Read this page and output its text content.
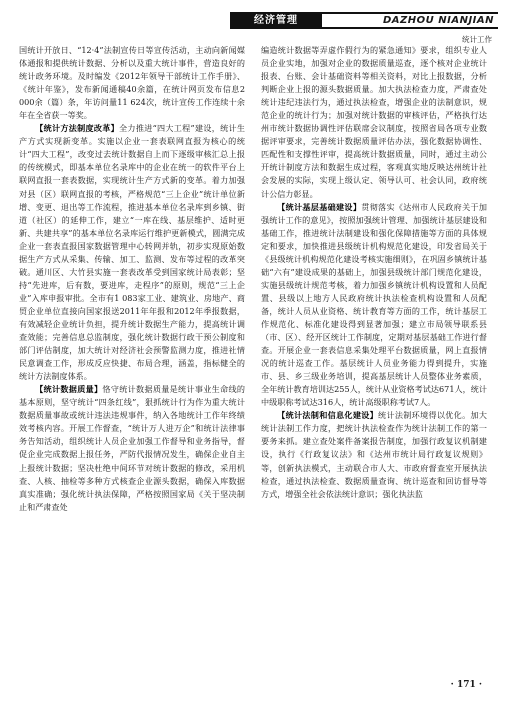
经济管理	DAZHOU NIANJIAN
统计工作

国统计开放日、“12·4”法制宣传日等宣传活动，主动向新闻媒体通报和提供统计数据、分析以及重大统计事件，营造良好的统计政务环境。及时编发《2012年领导干部统计工作手册》、《统计年鉴》，发布新闻通稿40余篇，在统计网页发布信息2 000余（篇）条，年访问量11 624次，统计宣传工作连续十余年在全省获一等奖。

【统计方法制度改革】全力推进“四大工程”建设，统计生产方式实现新变革。实施以企业一套表联网直报为核心的统计“四大工程”，改变过去统计数据自上而下逐级审核汇总上报的传统模式，即基本单位名录库中的企业在统一的软件平台上联网直报一套表数据，实现统计生产方式新的变革。着力加强对县（区）联网直报的考核，严格规范“三上企业”统计单位新增、变更、退出等工作流程，推进基本单位名录库到乡镇、街道（社区）的延伸工作，建立“一库在线、基层维护、适时更新、共建共享”的基本单位名录库运行维护更新模式，圆满完成企业一套表直报国家数据管理中心转网并轨，初步实现原始数据生产方式从采集、传输、加工、监测、发布等过程的改革突破。通川区、大竹县实施一套表改革受到国家统计局表彰；坚持“先进库，后有数，要进库，走程序”的原则，规范“三上企业”入库申报审批。全市有1 083家工业、建筑业、房地产、商贸企业单位直接向国家报送2011年年报和2012年季报数据，有效减轻企业统计负担，提升统计数据生产能力，提高统计调查效能；完善信息总监制度，强化统计数据行政干预公制度和部门评估制度，加大统计对经济社会预警监测力度，推进社情民意调查工作，形成反应快捷、布局合理，涵盖，指标健全的统计方法制度体系。

【统计数据质量】恪守统计数据质量是统计事业生命线的基本原则，坚守统计“四条红线”，狠抓统计行为作为重大统计数据质量事故或统计违法违规事件，纳入各地统计工作年终绩效考核内容。开展工作督查，“统计万人进万企”和统计法律事务告知活动，组织统计人员企业加强工作督导和业务指导，督促企业完成数据上报任务，严防代报情况发生，确保企业自主上报统计数据；坚决杜绝中间环节对统计数据的修改，采用机查、人核、抽检等多种方式核查企业源头数据，确保入库数据真实准确；强化统计执法保障，严格按照国家局《关于坚决制止和严肃查处

编造统计数据等弄虚作假行为的紧急通知》要求，组织专业人员企业实地，加强对企业的数据质量巡查，逐个核对企业统计报表、台账、会计基础资料等相关资料，对比上报数据，分析判断企业上报的源头数据质量。加大执法检查力度，严肃查处统计违纪违法行为，通过执法检查，增强企业的法制意识，规范企业的统计行为；加强对统计数据的审核评估，严格执行达州市统计数据协调性评估联席会议制度，按照省局各项专业数据评审要求，完善统计数据质量评估办法，强化数据协调性、匹配性和支撑性评审，提高统计数据质量，同时，通过主动公开统计制度方法和数据生成过程，客观真实地反映达州统计社会发展的实际，实现上级认定、领导认可、社会认同，政府统计公信力彰显。

【统计基层基础建设】贯彻落实《达州市人民政府关于加强统计工作的意见》，按照加强统计管理、加强统计基层建设和基础工作，推进统计法制建设和强化保障措施等方面的具体规定和要求，加快推进县级统计机构规范化建设，印发省局关于《县级统计机构规范化建设考核实施细则》，在巩固乡镇统计基础“六有”建设成果的基础上，加强县级统计部门规范化建设，实施县级统计规范考核，着力加强乡镇统计机构设置和人员配置、县级以上地方人民政府统计执法检查机构设置和人员配备，统计人员从业资格、统计教育等方面的工作，统计基层工作规范化、标准化建设得到显著加强；建立市局领导联系县（市、区）、经开区统计工作制度，定期对基层基础工作进行督查。开展企业一套表信息采集处理平台数据质量，网上直报情况的统计巡查工作。基层统计人员业务能力得到提升，实施市、县、乡三级业务培训，提高基层统计人员整体业务素质，全年统计教育培训达255人，统计从业资格考试达671人，统计中级职称考试达316人，统计高级职称考试7人。

【统计法制和信息化建设】统计法制环境得以优化。加大统计法制工作力度，把统计执法检查作为统计法制工作的第一要务来抓。建立查处案件备案报告制度，加强行政复议机制建设，执行《行政复议法》和《达州市统计局行政复议规则》等，创新执法模式，主动联合市人大、市政府督查室开展执法检查，通过执法检查、数据质量查询、统计巡查和回访督导等方式，增强全社会依法统计意识；强化执法监

· 171 ·
